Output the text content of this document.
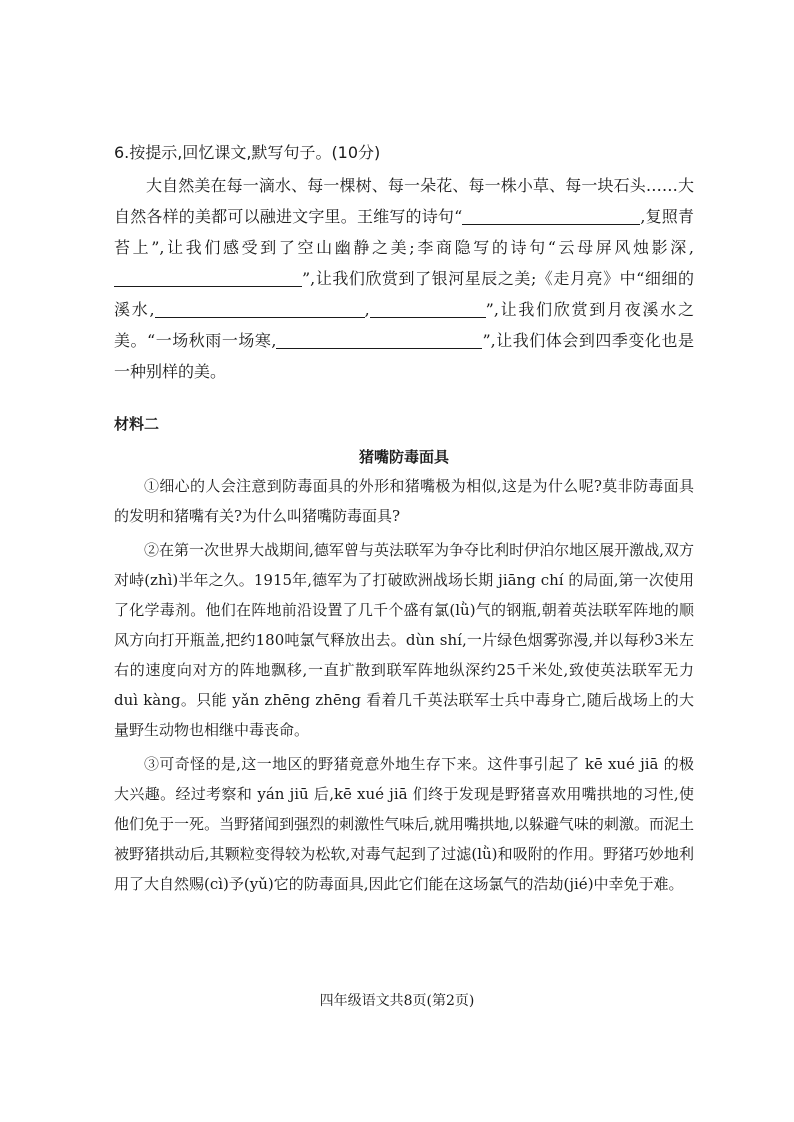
6.按提示,回忆课文,默写句子。(10分)

大自然美在每一滴水、每一棵树、每一朵花、每一株小草、每一块石头……大自然各样的美都可以融进文字里。王维写的诗句“	,复照青苔上”,让我们感受到了空山幽静之美;李商隐写的诗句“云母屏风烛影深,”,让我们欣赏到了银河星辰之美;《走月亮》中“细细的溪水,	,	”,让我们欣赏到月夜溪水之美。“一场秋雨一场寒,	”,让我们体会到四季变化也是一种别样的美。

材料二

猪嘴防毒面具

①细心的人会注意到防毒面具的外形和猪嘴极为相似,这是为什么呢?莫非防毒面具的发明和猪嘴有关?为什么叫猪嘴防毒面具?

②在第一次世界大战期间,德军曾与英法联军为争夺比利时伊泊尔地区展开激战,双方对峙(zhì)半年之久。1915年,德军为了打破欧洲战场长期 jiāng chí 的局面,第一次使用了化学毒剂。他们在阵地前沿设置了几千个盛有氯(lǜ)气的钢瓶,朝着英法联军阵地的顺风方向打开瓶盖,把约180吨氯气释放出去。dùn shí,一片绿色烟雾弥漫,并以每秒3米左右的速度向对方的阵地飘移,一直扩散到联军阵地纵深约25千米处,致使英法联军无力 duì kàng。只能 yǎn zhēng zhēng 看着几千英法联军士兵中毒身亡,随后战场上的大量野生动物也相继中毒丧命。

③可奇怪的是,这一地区的野猪竟意外地生存下来。这件事引起了 kē xué jiā 的极大兴趣。经过考察和 yán jiū 后,kē xué jiā 们终于发现是野猪喜欢用嘴拱地的习性,使他们免于一死。当野猪闻到强烈的刺激性气味后,就用嘴拱地,以躲避气味的刺激。而泥土被野猪拱动后,其颗粒变得较为松软,对毒气起到了过滤(lǜ)和吸附的作用。野猪巧妙地利用了大自然赐(cì)予(yǔ)它的防毒面具,因此它们能在这场氯气的浩劫(jié)中幸免于难。

四年级语文共8页(第2页)
